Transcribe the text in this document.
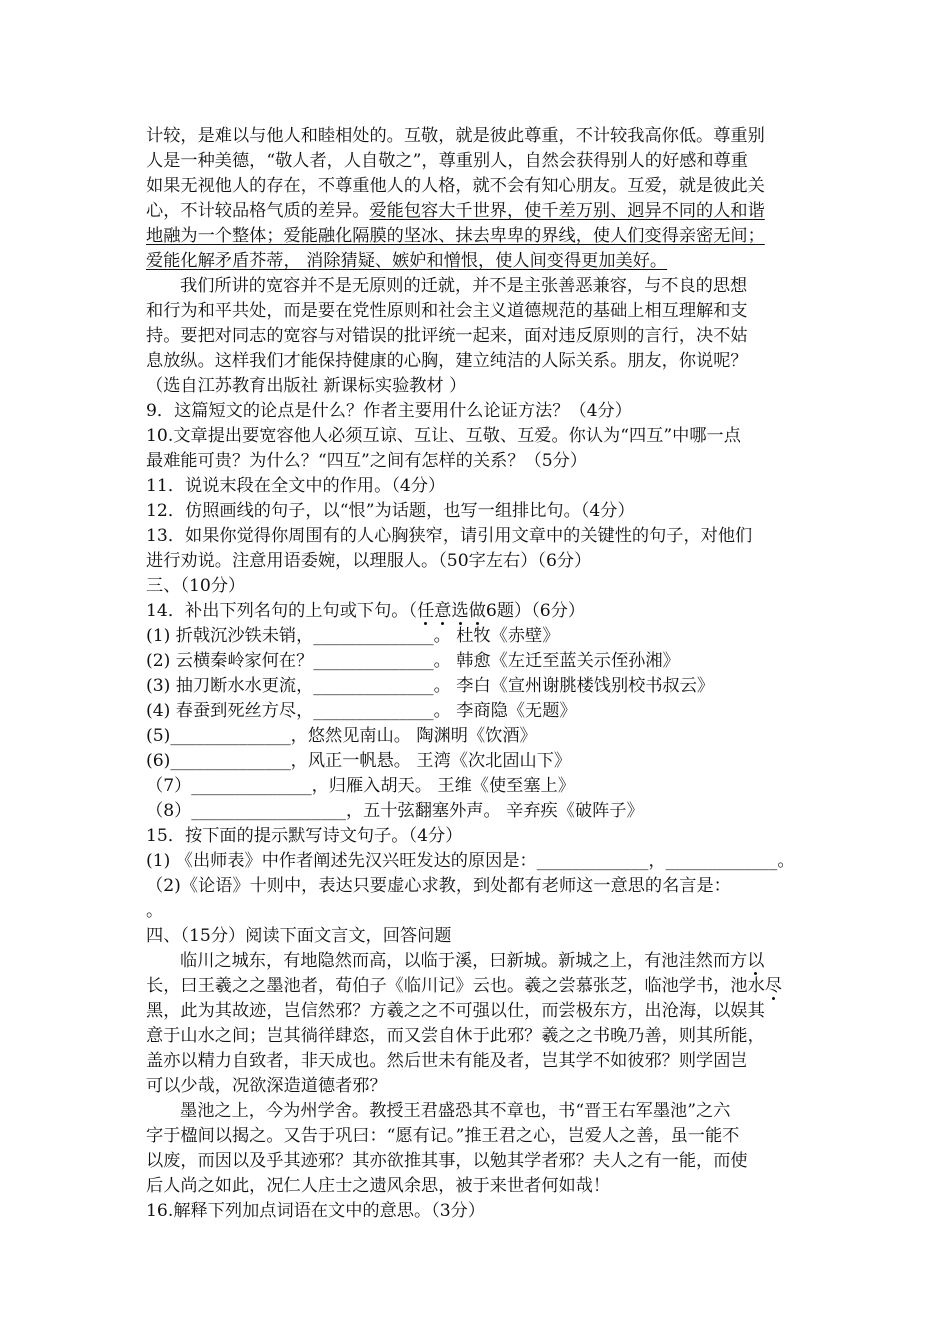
计较，是难以与他人和睦相处的。互敬，就是彼此尊重，不计较我高你低。尊重别
人是一种美德，“敬人者，人自敬之”，尊重别人，自然会获得别人的好感和尊重
如果无视他人的存在，不尊重他人的人格，就不会有知心朋友。互爱，就是彼此关
心，不计较品格气质的差异。爱能包容大千世界，使千差万别、迥异不同的人和谐
地融为一个整体；爱能融化隔膜的坚冰、抹去卑卑的界线，使人们变得亲密无间；
爱能化解矛盾芥蒂， 消除猜疑、嫉妒和憎恨，使人间变得更加美好。
我们所讲的宽容并不是无原则的迁就，并不是主张善恶兼容，与不良的思想
和行为和平共处，而是要在党性原则和社会主义道德规范的基础上相互理解和支
持。要把对同志的宽容与对错误的批评统一起来，面对违反原则的言行，决不姑
息放纵。这样我们才能保持健康的心胸，建立纯洁的人际关系。朋友，你说呢？
（选自江苏教育出版社 新课标实验教材 ）
9．这篇短文的论点是什么？作者主要用什么论证方法？（4分）
10.文章提出要宽容他人必须互谅、互让、互敬、互爱。你认为“四互”中哪一点
最难能可贵？为什么？“四互”之间有怎样的关系？（5分）
11．说说末段在全文中的作用。（4分）
12．仿照画线的句子，以“恨”为话题，也写一组排比句。（4分）
13．如果你觉得你周围有的人心胸狭窄，请引用文章中的关键性的句子，对他们
进行劝说。注意用语委婉，以理服人。（50字左右）（6分）
三、（10分）
14．补出下列名句的上句或下句。（任意选做6题）（6分）
(1) 折戟沉沙铁未销，______________。 杜牧《赤壁》
(2) 云横秦岭家何在？______________。 韩愈《左迁至蓝关示侄孙湘》
(3) 抽刀断水水更流，______________。 李白《宣州谢朓楼饯别校书叔云》
(4) 春蚕到死丝方尽，______________。 李商隐《无题》
(5)______________，悠然见南山。 陶渊明《饮酒》
(6)______________，风正一帆悬。 王湾《次北固山下》
（7）______________，归雁入胡天。 王维《使至塞上》
（8）__________________，五十弦翻塞外声。 辛弃疾《破阵子》
15．按下面的提示默写诗文句子。（4分）
(1) 《出师表》中作者阐述先汉兴旺发达的原因是：_____________，_____________。
（2)《论语》十则中，表达只要虚心求教，到处都有老师这一意思的名言是：
。
四、（15分）阅读下面文言文，回答问题
临川之城东，有地隐然而高，以临于溪，曰新城。新城之上，有池洼然而方以
长，曰王羲之之墨池者，荀伯子《临川记》云也。羲之尝慕张芝，临池学书，池水尽
黑，此为其故迹，岂信然邪？方羲之之不可强以仕，而尝极东方，出沧海，以娱其
意于山水之间；岂其徜徉肆恣，而又尝自休于此邪？羲之之书晚乃善，则其所能，
盖亦以精力自致者，非天成也。然后世未有能及者，岂其学不如彼邪？则学固岂
可以少哉，况欲深造道德者邪？
墨池之上，今为州学舍。教授王君盛恐其不章也，书“晋王右军墨池”之六
字于楹间以揭之。又告于巩曰：“愿有记。”推王君之心，岂爱人之善，虽一能不
以废，而因以及乎其迹邪？其亦欲推其事，以勉其学者邪？夫人之有一能，而使
后人尚之如此，况仁人庄士之遗风余思，被于来世者何如哉！
16.解释下列加点词语在文中的意思。（3分）
